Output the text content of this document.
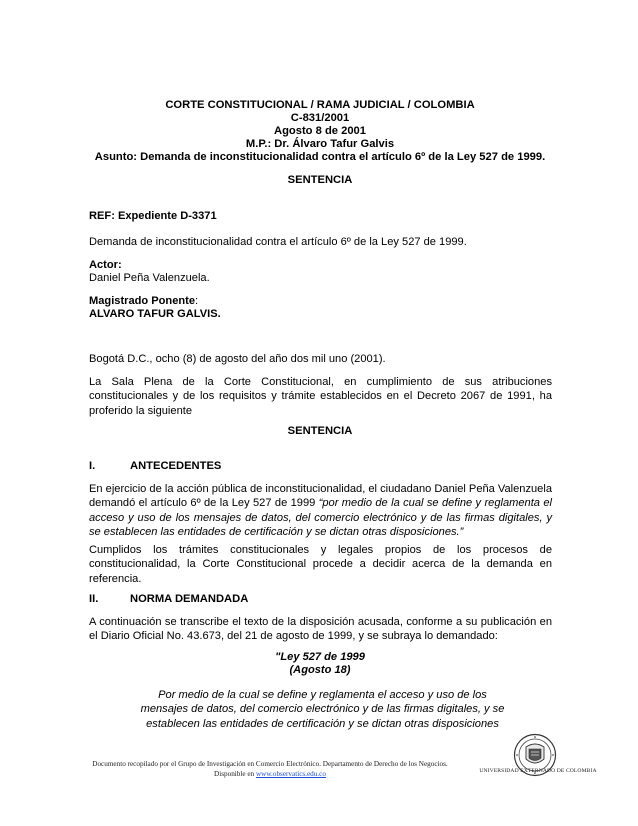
CORTE CONSTITUCIONAL / RAMA JUDICIAL / COLOMBIA
C-831/2001
Agosto 8 de 2001
M.P.: Dr. Álvaro Tafur Galvis
Asunto: Demanda de inconstitucionalidad contra el artículo 6º de la Ley 527 de 1999.
SENTENCIA
REF: Expediente D-3371
Demanda de inconstitucionalidad contra el artículo 6º de la Ley 527 de 1999.
Actor:
Daniel Peña Valenzuela.
Magistrado Ponente:
ALVARO TAFUR GALVIS.
Bogotá D.C., ocho (8) de agosto del año dos mil uno (2001).
La Sala Plena de la Corte Constitucional, en cumplimiento de sus atribuciones constitucionales y de los requisitos y trámite establecidos en el Decreto 2067 de 1991, ha proferido la siguiente
SENTENCIA
I.	ANTECEDENTES
En ejercicio de la acción pública de inconstitucionalidad, el ciudadano Daniel Peña Valenzuela demandó el artículo 6º de la Ley 527 de 1999 “por medio de la cual se define y reglamenta el acceso y uso de los mensajes de datos, del comercio electrónico y de las firmas digitales, y se establecen las entidades de certificación y se dictan otras disposiciones.”
Cumplidos los trámites constitucionales y legales propios de los procesos de constitucionalidad, la Corte Constitucional procede a decidir acerca de la demanda en referencia.
II.	NORMA DEMANDADA
A continuación se transcribe el texto de la disposición acusada, conforme a su publicación en el Diario Oficial No. 43.673, del 21 de agosto de 1999, y se subraya lo demandado:
"Ley 527 de 1999
(Agosto 18)
Por medio de la cual se define y reglamenta el acceso y uso de los mensajes de datos, del comercio electrónico y de las firmas digitales, y se establecen las entidades de certificación y se dictan otras disposiciones
Documento recopilado por el Grupo de Investigación en Comercio Electrónico. Departamento de Derecho de los Negocios.
Disponible en www.observatics.edu.co	UNIVERSIDAD EXTERNADO DE COLOMBIA
